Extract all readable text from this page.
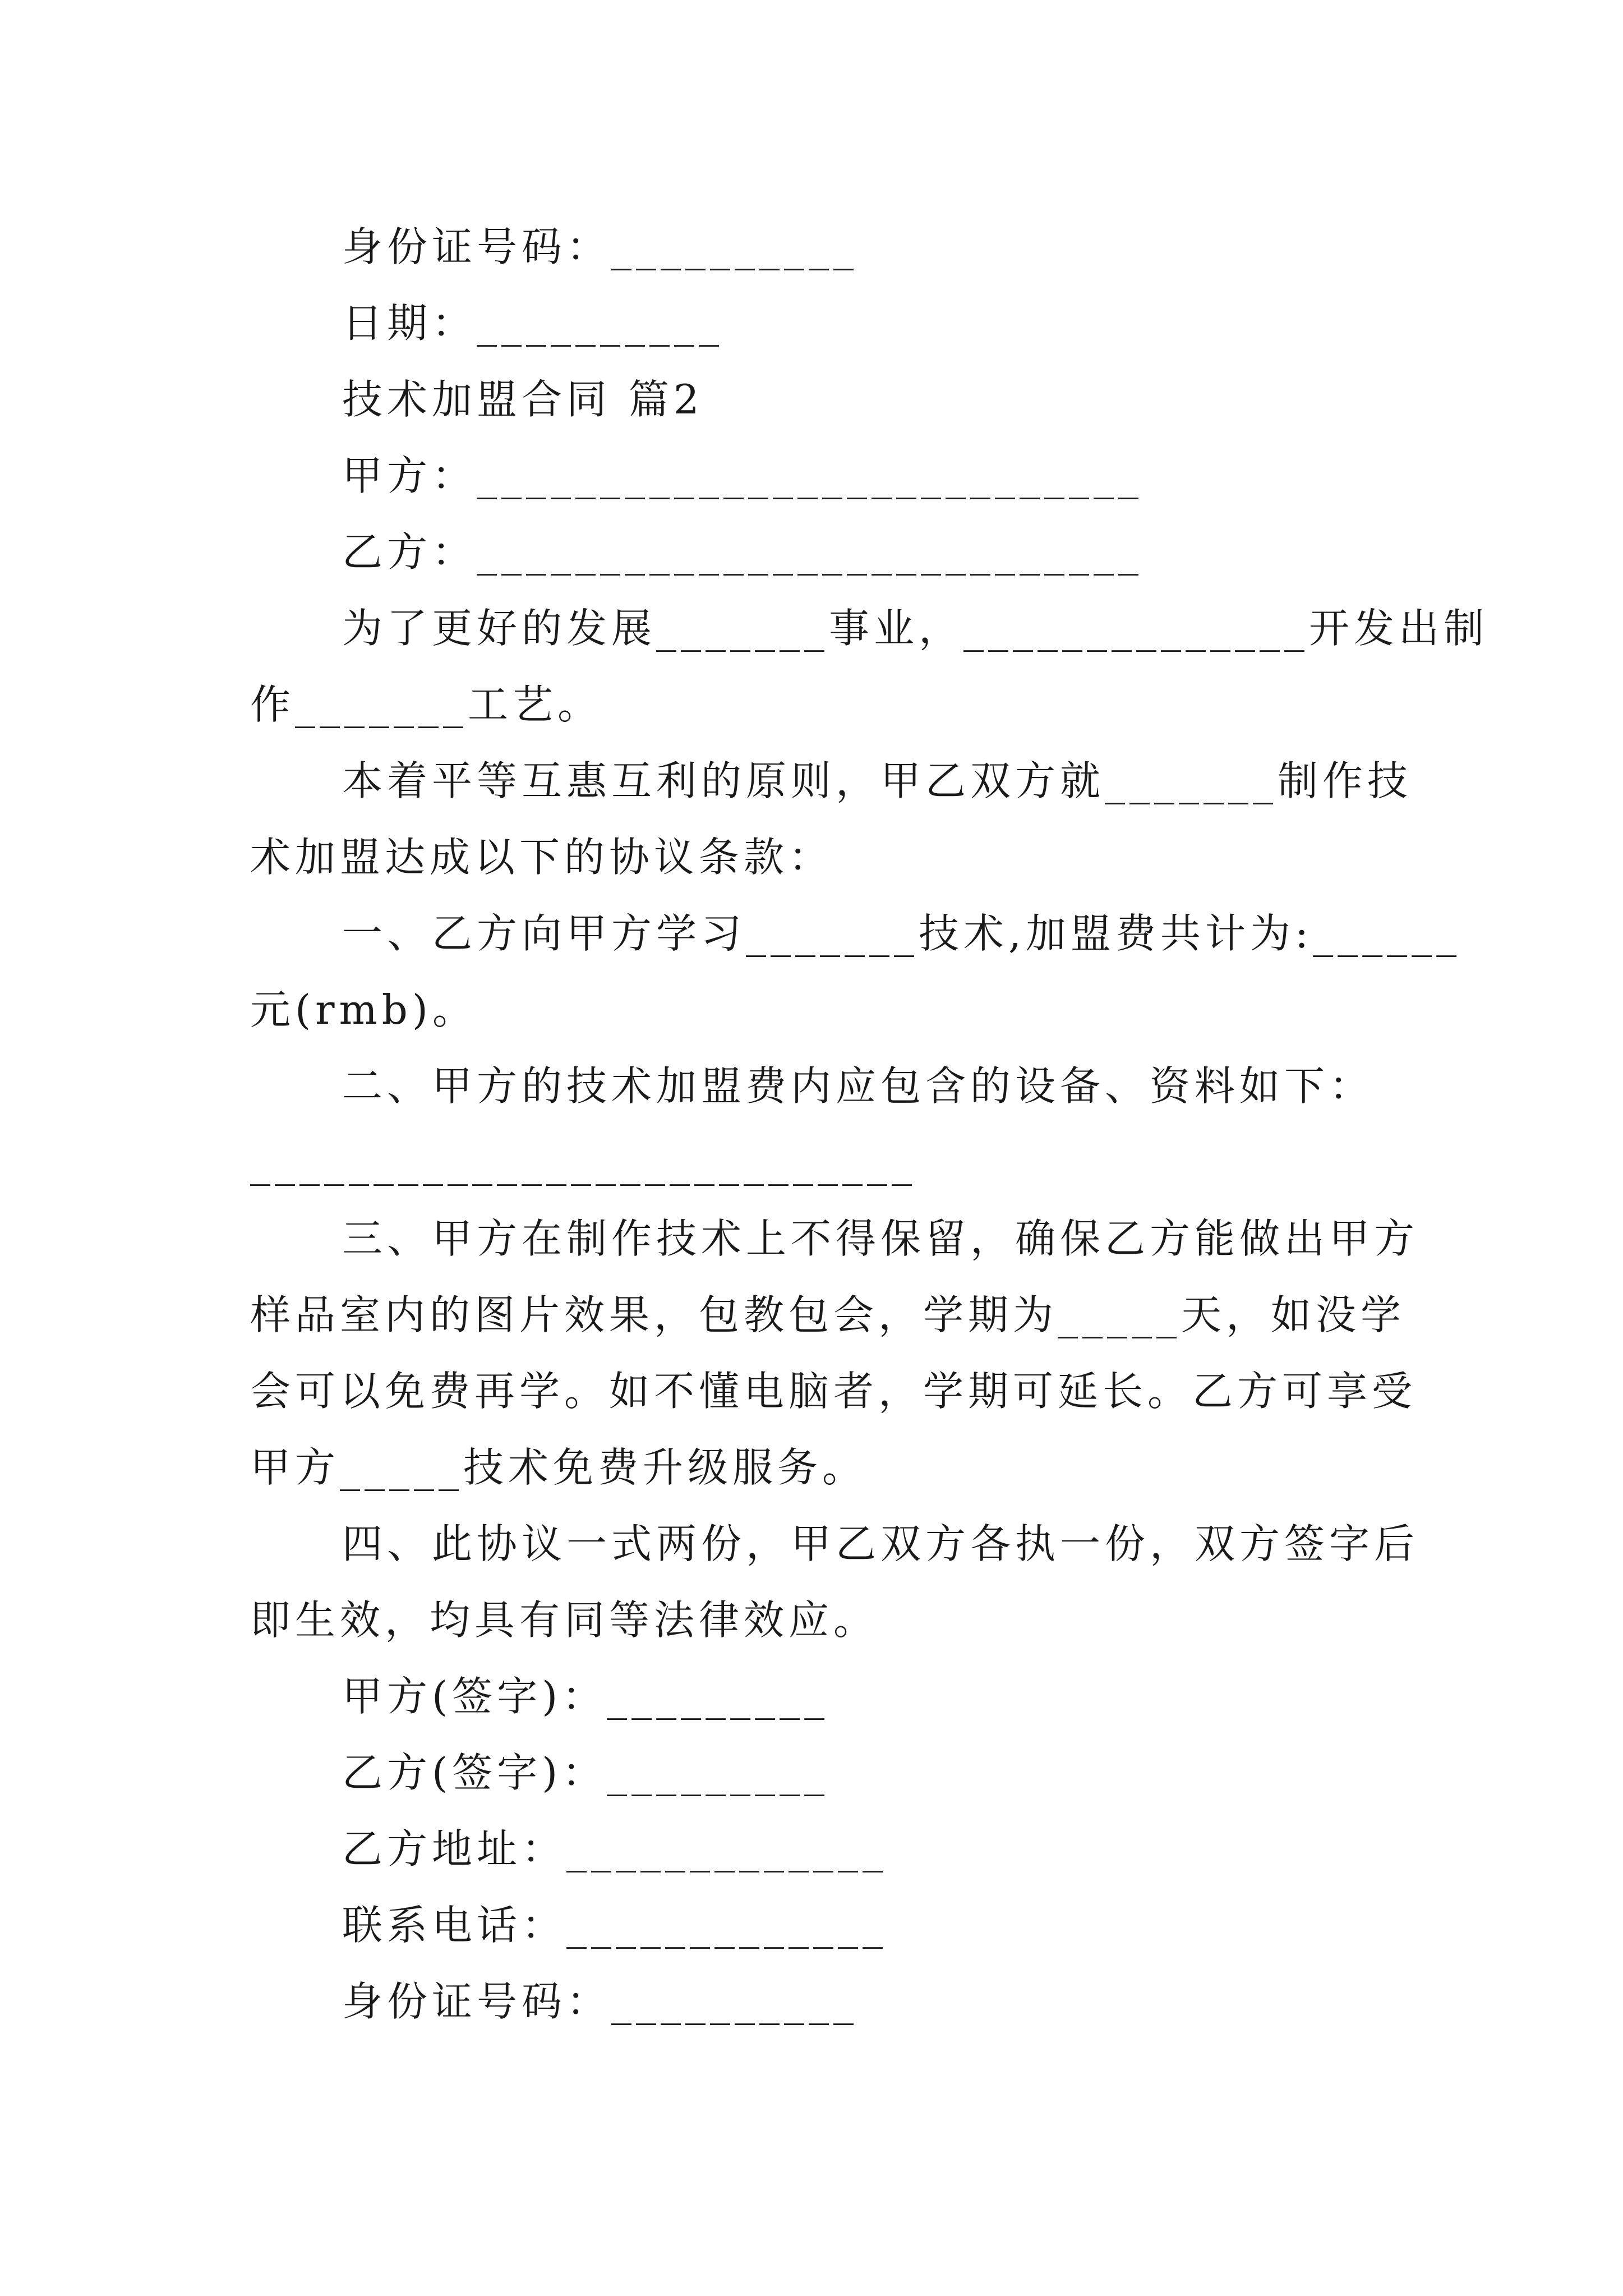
身份证号码：__________
日期：__________
技术加盟合同 篇2
甲方：___________________________
乙方：___________________________
为了更好的发展_______事业，______________开发出制
作_______工艺。
本着平等互惠互利的原则，甲乙双方就_______制作技
术加盟达成以下的协议条款：
一、乙方向甲方学习_______技术,加盟费共计为:______
元(rmb)。
二、甲方的技术加盟费内应包含的设备、资料如下：
___________________________
三、甲方在制作技术上不得保留，确保乙方能做出甲方
样品室内的图片效果，包教包会，学期为_____天，如没学
会可以免费再学。如不懂电脑者，学期可延长。乙方可享受
甲方_____技术免费升级服务。
四、此协议一式两份，甲乙双方各执一份，双方签字后
即生效，均具有同等法律效应。
甲方(签字)：_________
乙方(签字)：_________
乙方地址：_____________
联系电话：_____________
身份证号码：__________
